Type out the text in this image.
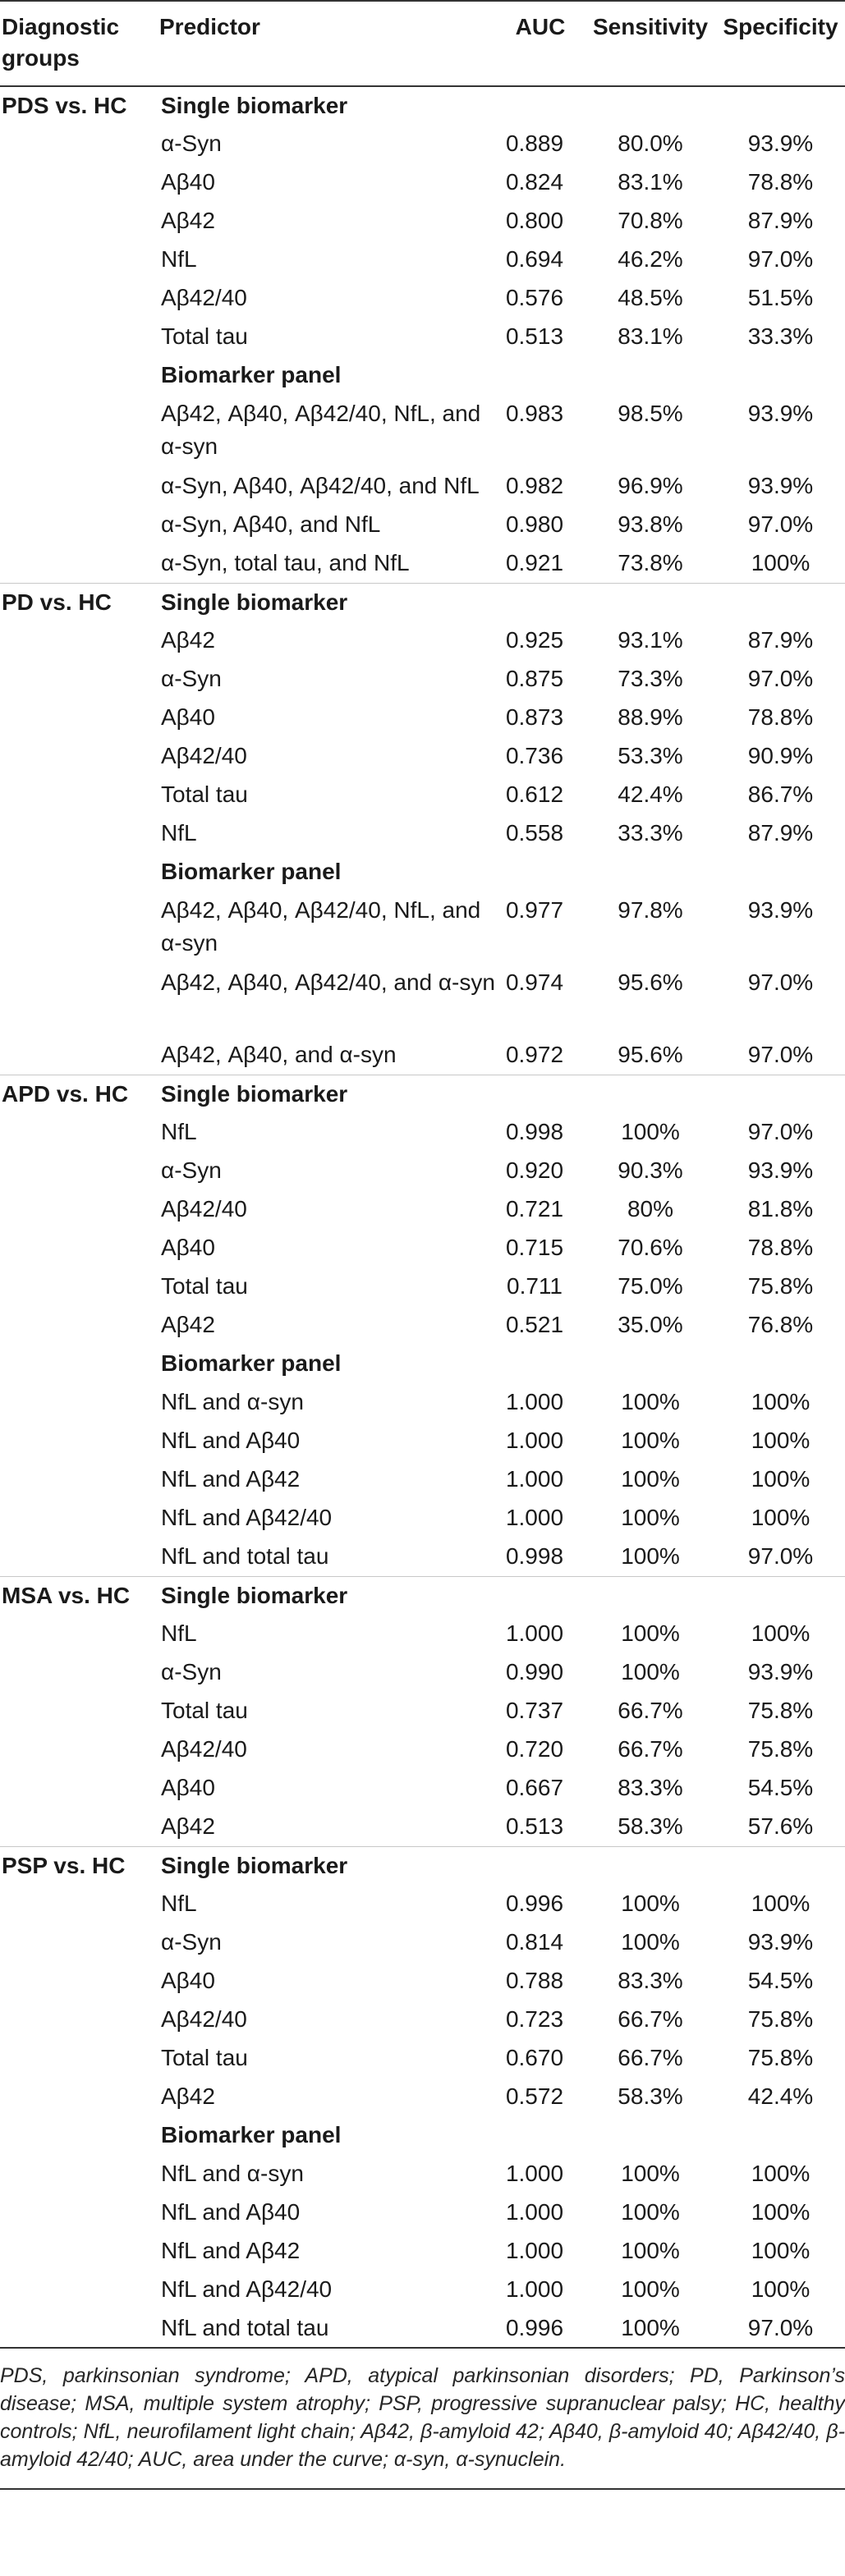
Diagnostic groups	Predictor	AUC	Sensitivity	Specificity
PDS vs. HC	Single biomarker			
	α-Syn	0.889	80.0%	93.9%
	Aβ40	0.824	83.1%	78.8%
	Aβ42	0.800	70.8%	87.9%
	NfL	0.694	46.2%	97.0%
	Aβ42/40	0.576	48.5%	51.5%
	Total tau	0.513	83.1%	33.3%
	Biomarker panel			
	Aβ42, Aβ40, Aβ42/40, NfL, and α-syn	0.983	98.5%	93.9%
	α-Syn, Aβ40, Aβ42/40, and NfL	0.982	96.9%	93.9%
	α-Syn, Aβ40, and NfL	0.980	93.8%	97.0%
	α-Syn, total tau, and NfL	0.921	73.8%	100%
PD vs. HC	Single biomarker			
	Aβ42	0.925	93.1%	87.9%
	α-Syn	0.875	73.3%	97.0%
	Aβ40	0.873	88.9%	78.8%
	Aβ42/40	0.736	53.3%	90.9%
	Total tau	0.612	42.4%	86.7%
	NfL	0.558	33.3%	87.9%
	Biomarker panel			
	Aβ42, Aβ40, Aβ42/40, NfL, and α-syn	0.977	97.8%	93.9%
	Aβ42, Aβ40, Aβ42/40, and α-syn	0.974	95.6%	97.0%
	Aβ42, Aβ40, and α-syn	0.972	95.6%	97.0%
APD vs. HC	Single biomarker			
	NfL	0.998	100%	97.0%
	α-Syn	0.920	90.3%	93.9%
	Aβ42/40	0.721	80%	81.8%
	Aβ40	0.715	70.6%	78.8%
	Total tau	0.711	75.0%	75.8%
	Aβ42	0.521	35.0%	76.8%
	Biomarker panel			
	NfL and α-syn	1.000	100%	100%
	NfL and Aβ40	1.000	100%	100%
	NfL and Aβ42	1.000	100%	100%
	NfL and Aβ42/40	1.000	100%	100%
	NfL and total tau	0.998	100%	97.0%
MSA vs. HC	Single biomarker			
	NfL	1.000	100%	100%
	α-Syn	0.990	100%	93.9%
	Total tau	0.737	66.7%	75.8%
	Aβ42/40	0.720	66.7%	75.8%
	Aβ40	0.667	83.3%	54.5%
	Aβ42	0.513	58.3%	57.6%
PSP vs. HC	Single biomarker			
	NfL	0.996	100%	100%
	α-Syn	0.814	100%	93.9%
	Aβ40	0.788	83.3%	54.5%
	Aβ42/40	0.723	66.7%	75.8%
	Total tau	0.670	66.7%	75.8%
	Aβ42	0.572	58.3%	42.4%
	Biomarker panel			
	NfL and α-syn	1.000	100%	100%
	NfL and Aβ40	1.000	100%	100%
	NfL and Aβ42	1.000	100%	100%
	NfL and Aβ42/40	1.000	100%	100%
	NfL and total tau	0.996	100%	97.0%
PDS, parkinsonian syndrome; APD, atypical parkinsonian disorders; PD, Parkinson’s disease; MSA, multiple system atrophy; PSP, progressive supranuclear palsy; HC, healthy controls; NfL, neurofilament light chain; Aβ42, β-amyloid 42; Aβ40, β-amyloid 40; Aβ42/40, β-amyloid 42/40; AUC, area under the curve; α-syn, α-synuclein.				
